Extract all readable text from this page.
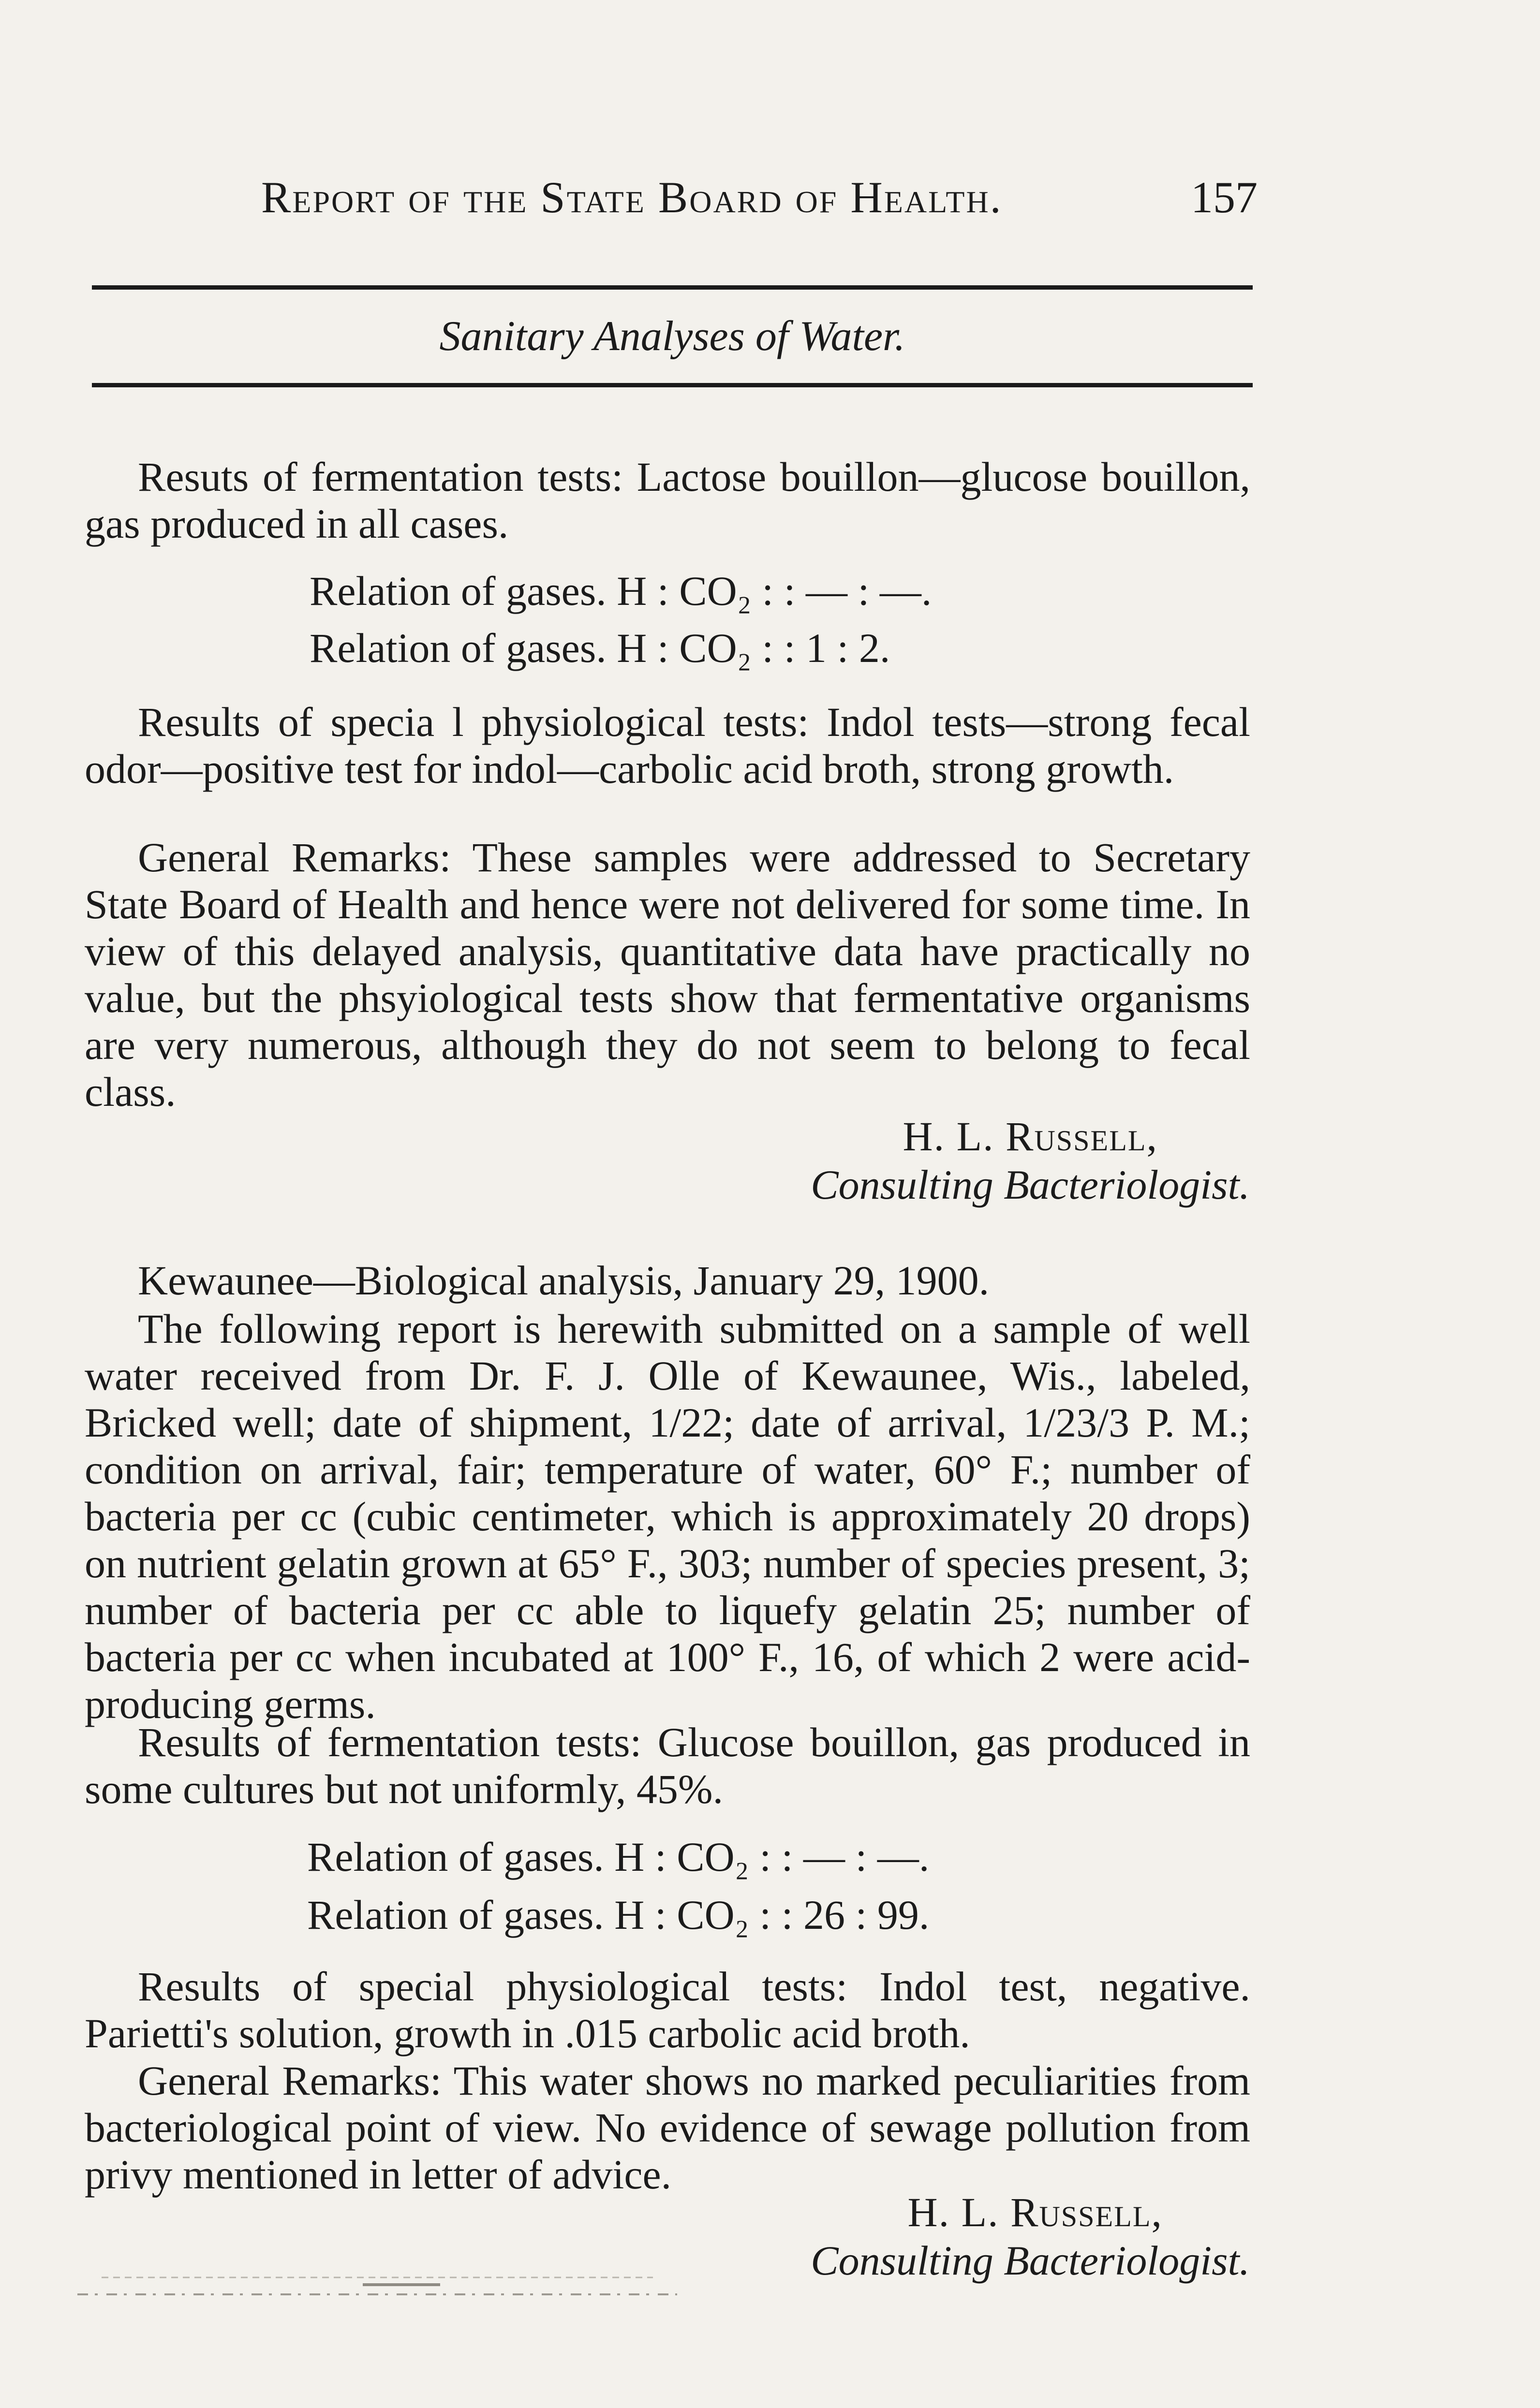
Report of the State Board of Health.	157
Sanitary Analyses of Water.
Resuts of fermentation tests: Lactose bouillon—glucose bouillon, gas produced in all cases.
Relation of gases. H : CO₂ : : — : —.
Relation of gases. H : CO₂ : : 1 : 2.
Results of specia l physiological tests: Indol tests—strong fecal odor—positive test for indol—carbolic acid broth, strong growth.
General Remarks: These samples were addressed to Secretary State Board of Health and hence were not delivered for some time. In view of this delayed analysis, quantitative data have practically no value, but the phsyiological tests show that fermentative organisms are very numerous, although they do not seem to belong to fecal class.
H. L. Russell,
Consulting Bacteriologist.
Kewaunee—Biological analysis, January 29, 1900.
The following report is herewith submitted on a sample of well water received from Dr. F. J. Olle of Kewaunee, Wis., labeled, Bricked well; date of shipment, 1/22; date of arrival, 1/23/3 P. M.; condition on arrival, fair; temperature of water, 60° F.; number of bacteria per cc (cubic centimeter, which is approximately 20 drops) on nutrient gelatin grown at 65° F., 303; number of species present, 3; number of bacteria per cc able to liquefy gelatin 25; number of bacteria per cc when incubated at 100° F., 16, of which 2 were acid-producing germs.
Results of fermentation tests: Glucose bouillon, gas produced in some cultures but not uniformly, 45%.
Relation of gases. H : CO₂ : : — : —.
Relation of gases. H : CO₂ : : 26 : 99.
Results of special physiological tests: Indol test, negative. Parietti's solution, growth in .015 carbolic acid broth.
General Remarks: This water shows no marked peculiarities from bacteriological point of view. No evidence of sewage pollution from privy mentioned in letter of advice.
H. L. Russell,
Consulting Bacteriologist.
